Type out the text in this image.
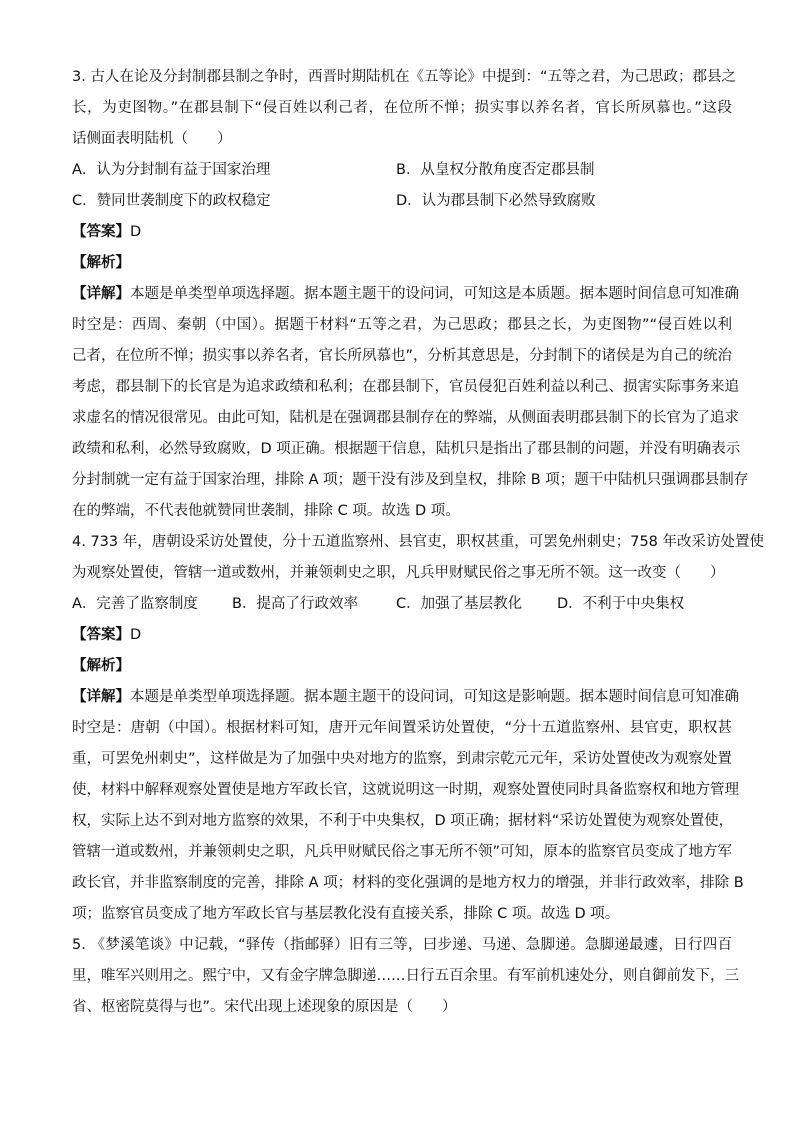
3. 古人在论及分封制郡县制之争时，西晋时期陆机在《五等论》中提到：“五等之君，为己思政；郡县之
长，为吏图物。”在郡县制下“侵百姓以利己者，在位所不惮；损实事以养名者，官长所夙慕也。”这段
话侧面表明陆机（　　）
A．认为分封制有益于国家治理	B．从皇权分散角度否定郡县制
C．赞同世袭制度下的政权稳定	D．认为郡县制下必然导致腐败
【答案】D
【解析】
【详解】本题是单类型单项选择题。据本题主题干的设问词，可知这是本质题。据本题时间信息可知准确
时空是：西周、秦朝（中国）。据题干材料“五等之君，为己思政；郡县之长，为吏图物”“侵百姓以利
己者，在位所不惮；损实事以养名者，官长所夙慕也”，分析其意思是，分封制下的诸侯是为自己的统治
考虑，郡县制下的长官是为追求政绩和私利；在郡县制下，官员侵犯百姓利益以利己、损害实际事务来追
求虚名的情况很常见。由此可知，陆机是在强调郡县制存在的弊端，从侧面表明郡县制下的长官为了追求
政绩和私利，必然导致腐败，D 项正确。根据题干信息，陆机只是指出了郡县制的问题，并没有明确表示
分封制就一定有益于国家治理，排除 A 项；题干没有涉及到皇权，排除 B 项；题干中陆机只强调郡县制存
在的弊端，不代表他就赞同世袭制，排除 C 项。故选 D 项。
4. 733 年，唐朝设采访处置使，分十五道监察州、县官吏，职权甚重，可罢免州刺史；758 年改采访处置使
为观察处置使，管辖一道或数州，并兼领刺史之职，凡兵甲财赋民俗之事无所不领。这一改变（　　）
A．完善了监察制度	B．提高了行政效率	C．加强了基层教化	D．不利于中央集权
【答案】D
【解析】
【详解】本题是单类型单项选择题。据本题主题干的设问词，可知这是影响题。据本题时间信息可知准确
时空是：唐朝（中国）。根据材料可知，唐开元年间置采访处置使，“分十五道监察州、县官吏，职权甚
重，可罢免州刺史”，这样做是为了加强中央对地方的监察，到肃宗乾元元年，采访处置使改为观察处置
使，材料中解释观察处置使是地方军政长官，这就说明这一时期，观察处置使同时具备监察权和地方管理
权，实际上达不到对地方监察的效果，不利于中央集权，D 项正确；据材料“采访处置使为观察处置使，
管辖一道或数州，并兼领刺史之职，凡兵甲财赋民俗之事无所不领”可知，原本的监察官员变成了地方军
政长官，并非监察制度的完善，排除 A 项；材料的变化强调的是地方权力的增强，并非行政效率，排除 B
项；监察官员变成了地方军政长官与基层教化没有直接关系，排除 C 项。故选 D 项。
5. 《梦溪笔谈》中记载，“驿传（指邮驿）旧有三等，曰步递、马递、急脚递。急脚递最遽，日行四百
里，唯军兴则用之。熙宁中，又有金字牌急脚递……日行五百余里。有军前机速处分，则自御前发下，三
省、枢密院莫得与也”。宋代出现上述现象的原因是（　　）
